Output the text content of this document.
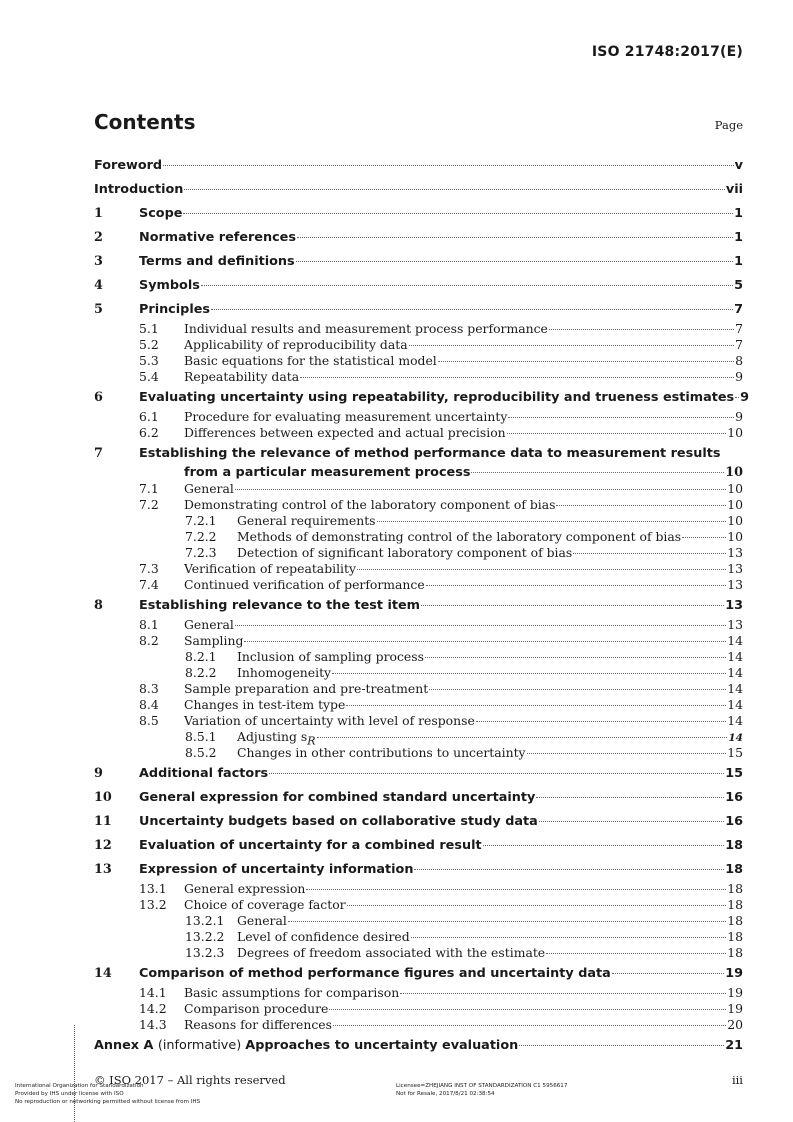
ISO 21748:2017(E)
Contents	Page
Foreword	v
Introduction	vii
1	Scope	1
2	Normative references	1
3	Terms and definitions	1
4	Symbols	5
5	Principles	7
5.1	Individual results and measurement process performance	7
5.2	Applicability of reproducibility data	7
5.3	Basic equations for the statistical model	8
5.4	Repeatability data	9
6	Evaluating uncertainty using repeatability, reproducibility and trueness estimates 9
6.1	Procedure for evaluating measurement uncertainty	9
6.2	Differences between expected and actual precision	10
7	Establishing the relevance of method performance data to measurement results
from a particular measurement process	10
7.1	General	10
7.2	Demonstrating control of the laboratory component of bias	10
7.2.1	General requirements	10
7.2.2	Methods of demonstrating control of the laboratory component of bias	10
7.2.3	Detection of significant laboratory component of bias	13
7.3	Verification of repeatability	13
7.4	Continued verification of performance	13
8	Establishing relevance to the test item	13
8.1	General	13
8.2	Sampling	14
8.2.1	Inclusion of sampling process	14
8.2.2	Inhomogeneity	14
8.3	Sample preparation and pre-treatment	14
8.4	Changes in test-item type	14
8.5	Variation of uncertainty with level of response	14
8.5.1	Adjusting $s_R$	14
8.5.2	Changes in other contributions to uncertainty	15
9	Additional factors	15
10	General expression for combined standard uncertainty	16
11	Uncertainty budgets based on collaborative study data	16
12	Evaluation of uncertainty for a combined result	18
13	Expression of uncertainty information	18
13.1	General expression	18
13.2	Choice of coverage factor	18
13.2.1	General	18
13.2.2	Level of confidence desired	18
13.2.3	Degrees of freedom associated with the estimate	18
14	Comparison of method performance figures and uncertainty data	19
14.1	Basic assumptions for comparison	19
14.2	Comparison procedure	19
14.3	Reasons for differences	20
Annex A (informative) Approaches to uncertainty evaluation	21
© ISO 2017 – All rights reserved	iii
International Organization for Standardization
Provided by IHS under license with ISO
No reproduction or networking permitted without license from IHS
Licensee=ZHEJIANG INST OF STANDARDIZATION C1 5956617
Not for Resale, 2017/8/21 02:38:54
